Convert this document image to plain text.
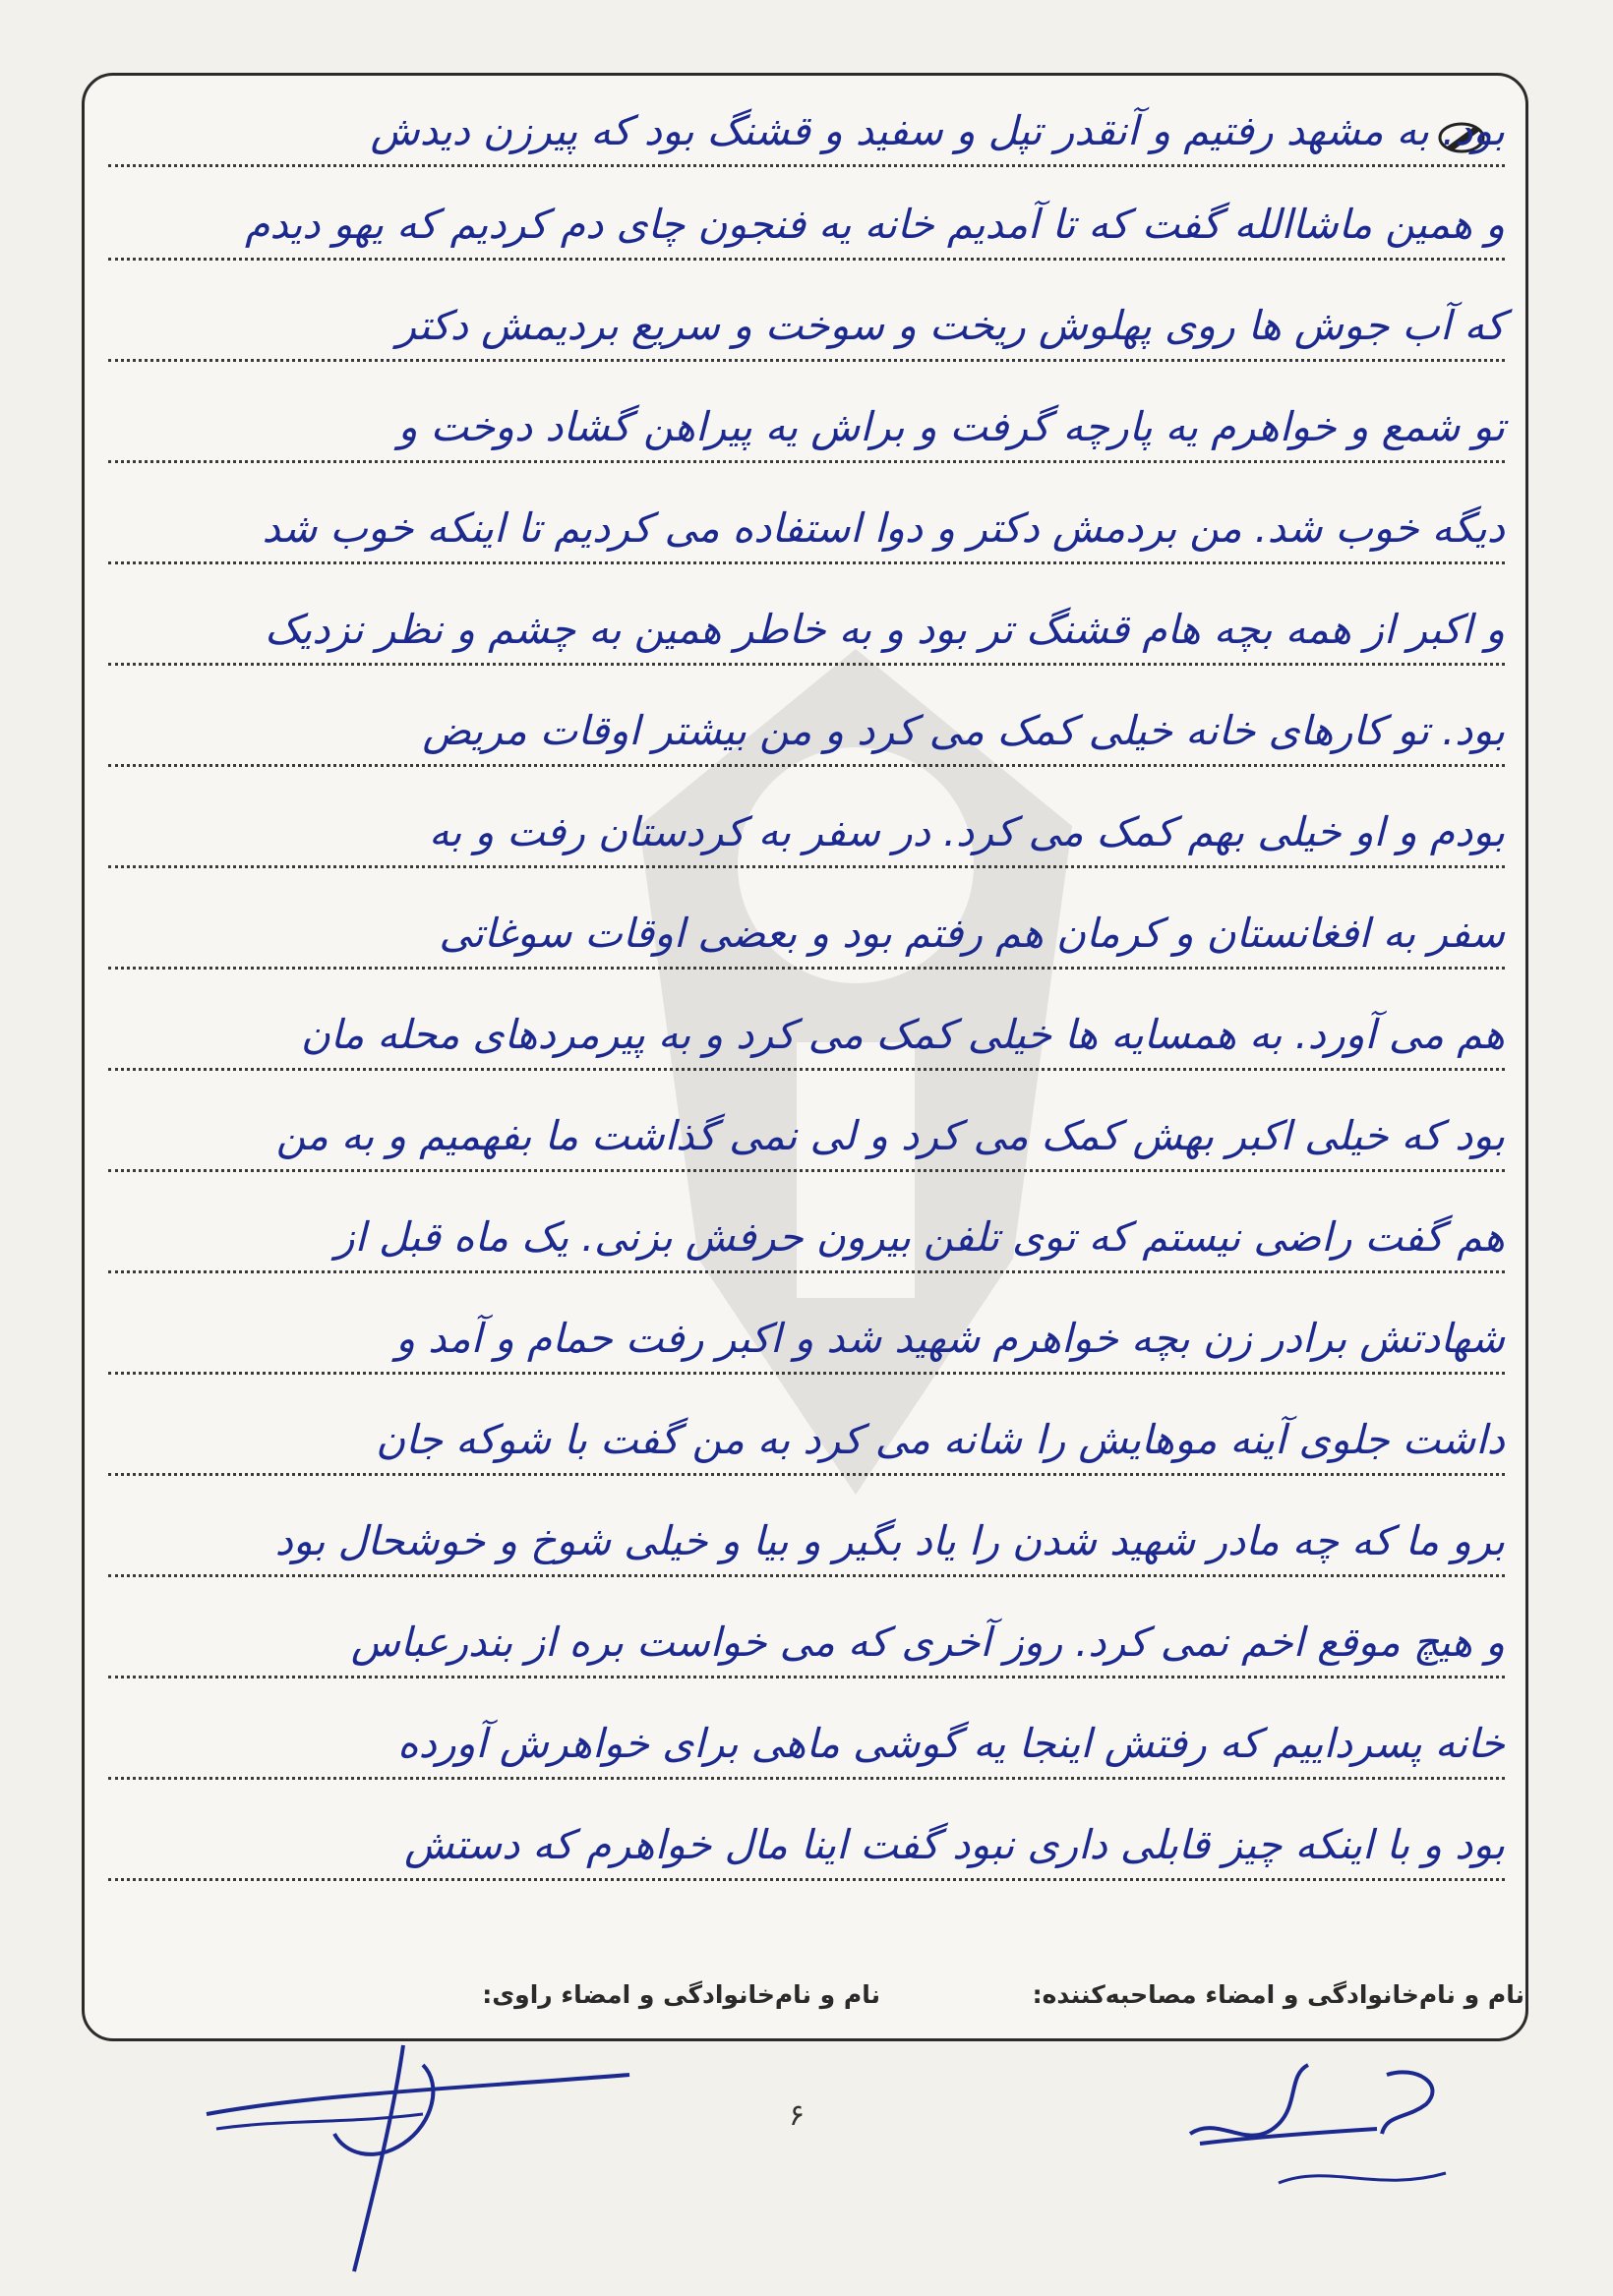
بود. به مشهد رفتیم و آنقدر تپل و سفید و قشنگ بود که پیرزن دیدش
و همین ماشاالله گفت که تا آمدیم خانه یه فنجون چای دم کردیم که یهو دیدم
که آب جوش ها روی پهلوش ریخت و سوخت و سریع بردیمش دکتر
تو شمع و خواهرم یه پارچه گرفت و براش یه پیراهن گشاد دوخت و
دیگه خوب شد. من بردمش دکتر و دوا استفاده می کردیم تا اینکه خوب شد
و اکبر از همه بچه هام قشنگ تر بود و به خاطر همین به چشم و نظر نزدیک
بود. تو کارهای خانه خیلی کمک می کرد و من بیشتر اوقات مریض
بودم و او خیلی بهم کمک می کرد. در سفر به کردستان رفت و به
سفر به افغانستان و کرمان هم رفتم بود و بعضی اوقات سوغاتی
هم می آورد. به همسایه ها خیلی کمک می کرد و به پیرمردهای محله مان
بود که خیلی اکبر بهش کمک می کرد و لی نمی گذاشت ما بفهمیم و به من
هم گفت راضی نیستم که توی تلفن بیرون حرفش بزنی. یک ماه قبل از
شهادتش برادر زن بچه خواهرم شهید شد و اکبر رفت حمام و آمد و
داشت جلوی آینه موهایش را شانه می کرد به من گفت با شوکه جان
برو ما که چه مادر شهید شدن را یاد بگیر و بیا و خیلی شوخ و خوشحال بود
و هیچ موقع اخم نمی کرد. روز آخری که می خواست بره از بندرعباس
خانه پسرداییم که رفتش اینجا یه گوشی ماهی برای خواهرش آورده
بود و با اینکه چیز قابلی داری نبود گفت اینا مال خواهرم که دستش
نام و نام‌خانوادگی و امضاء مصاحبه‌کننده:
نام و نام‌خانوادگی و امضاء راوی:
۶
